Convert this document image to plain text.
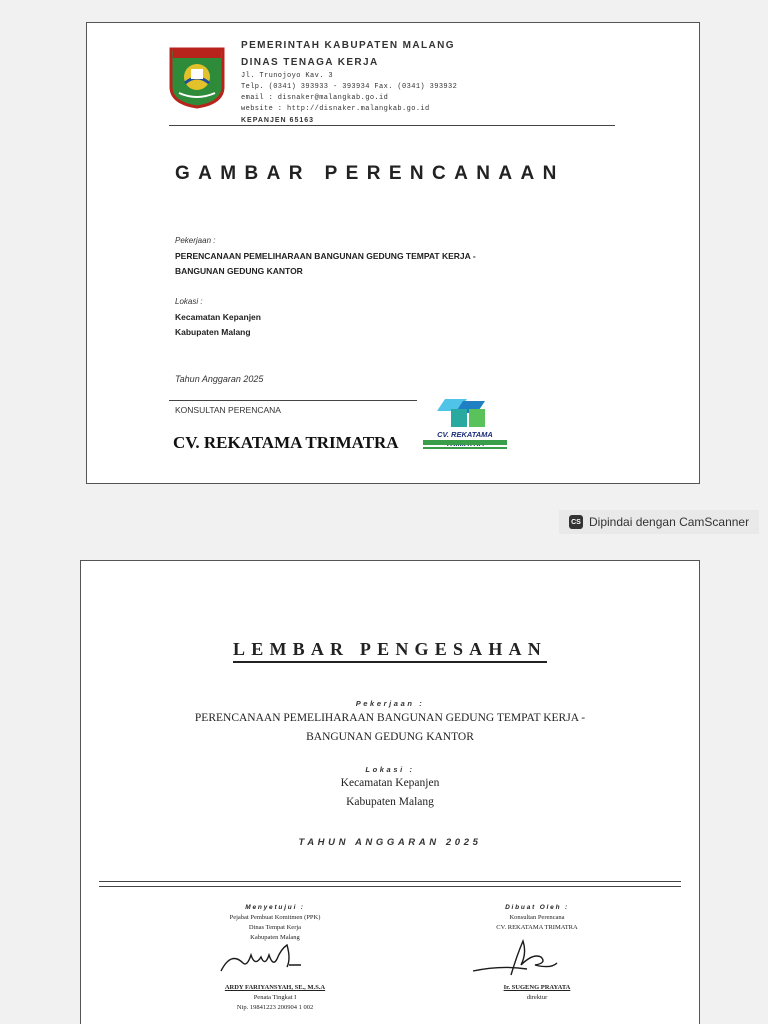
PEMERINTAH KABUPATEN MALANG
DINAS TENAGA KERJA
Jl. Trunojoyo Kav. 3
Telp. (0341) 393933 - 393934 Fax. (0341) 393932
email : disnaker@malangkab.go.id
website : http://disnaker.malangkab.go.id
KEPANJEN 65163
GAMBAR PERENCANAAN
Pekerjaan :
PERENCANAAN PEMELIHARAAN BANGUNAN GEDUNG TEMPAT KERJA -
BANGUNAN GEDUNG KANTOR
Lokasi :
Kecamatan Kepanjen
Kabupaten Malang
Tahun Anggaran 2025
KONSULTAN PERENCANA
CV. REKATAMA TRIMATRA	CV. REKATAMA
CS Dipindai dengan CamScanner
LEMBAR PENGESAHAN
Pekerjaan :
PERENCANAAN PEMELIHARAAN BANGUNAN GEDUNG TEMPAT KERJA -
BANGUNAN GEDUNG KANTOR
Lokasi :
Kecamatan Kepanjen
Kabupaten Malang
TAHUN ANGGARAN 2025
Menyetujui :
Pejabat Pembuat Komitmen (PPK)
Dinas Tempat Kerja
Kabupaten Malang
ARDY FARIYANSYAH, SE., M.S.A
Penata Tingkat I
Nip. 19841223 200904 1 002
Dibuat Oleh :
Konsultan Perencana
CV. REKATAMA TRIMATRA
Ir. SUGENG PRAYATA
direktur
